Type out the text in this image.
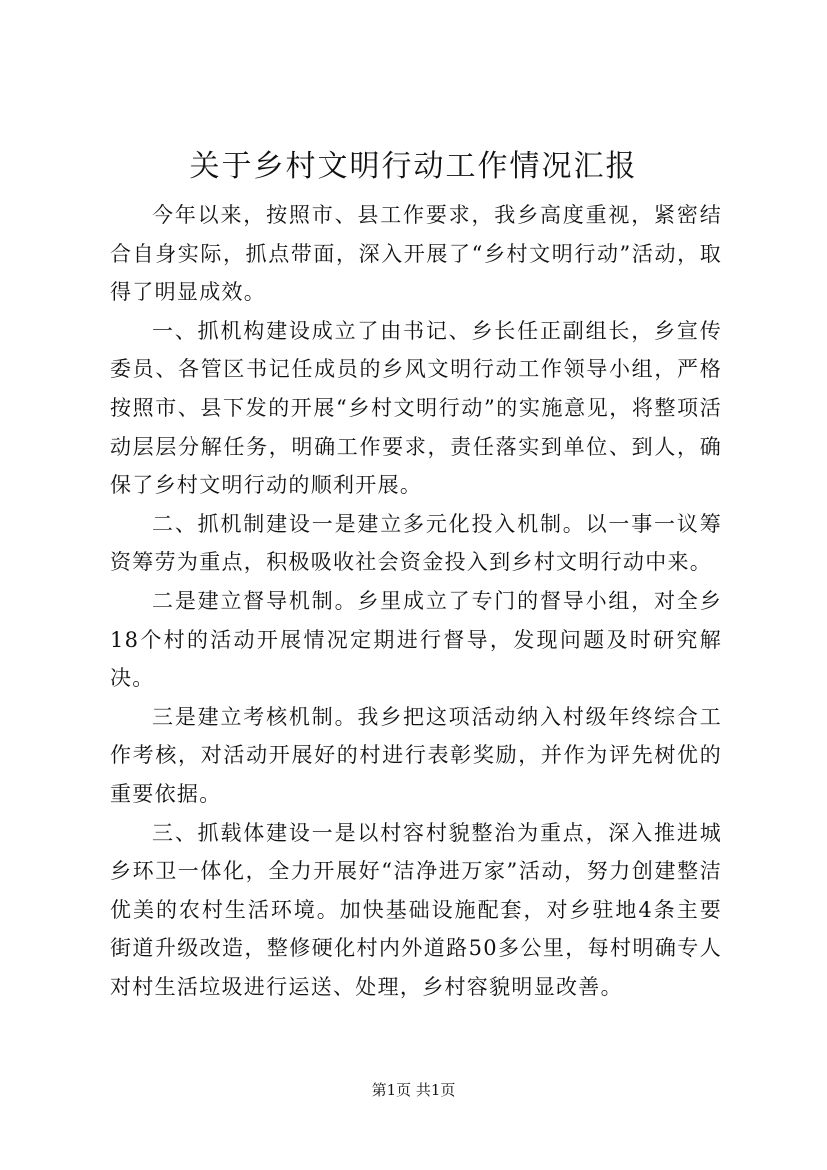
关于乡村文明行动工作情况汇报

今年以来，按照市、县工作要求，我乡高度重视，紧密结合自身实际，抓点带面，深入开展了“乡村文明行动”活动，取得了明显成效。

一、抓机构建设成立了由书记、乡长任正副组长，乡宣传委员、各管区书记任成员的乡风文明行动工作领导小组，严格按照市、县下发的开展“乡村文明行动”的实施意见，将整项活动层层分解任务，明确工作要求，责任落实到单位、到人，确保了乡村文明行动的顺利开展。

二、抓机制建设一是建立多元化投入机制。以一事一议筹资筹劳为重点，积极吸收社会资金投入到乡村文明行动中来。

二是建立督导机制。乡里成立了专门的督导小组，对全乡18个村的活动开展情况定期进行督导，发现问题及时研究解决。

三是建立考核机制。我乡把这项活动纳入村级年终综合工作考核，对活动开展好的村进行表彰奖励，并作为评先树优的重要依据。

三、抓载体建设一是以村容村貌整治为重点，深入推进城乡环卫一体化，全力开展好“洁净进万家”活动，努力创建整洁优美的农村生活环境。加快基础设施配套，对乡驻地4条主要街道升级改造，整修硬化村内外道路50多公里，每村明确专人对村生活垃圾进行运送、处理，乡村容貌明显改善。

第1页 共1页
